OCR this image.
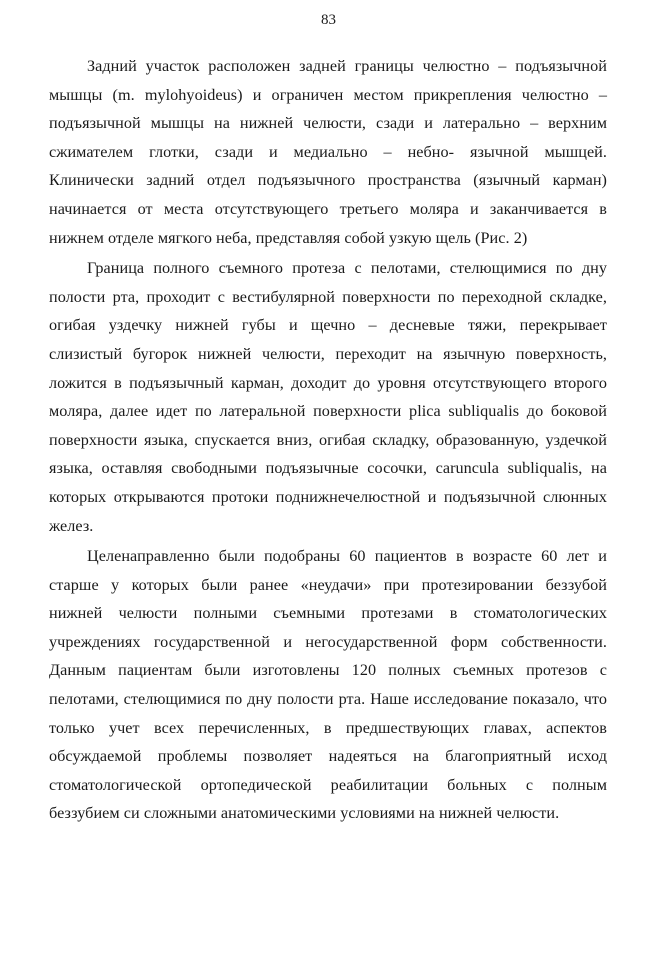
83

Задний участок расположен задней границы челюстно – подъязычной
мышцы (m. mylohyoideus) и ограничен местом прикрепления челюстно –
подъязычной мышцы на нижней челюсти, сзади и латерально – верхним
сжимателем глотки, сзади и медиально – небно- язычной мышцей.
Клинически задний отдел подъязычного пространства (язычный карман)
начинается от места отсутствующего третьего моляра и заканчивается в
нижнем отделе мягкого неба, представляя собой узкую щель (Рис. 2)

Граница полного съемного протеза с пелотами, стелющимися по дну
полости рта, проходит с вестибулярной поверхности по переходной складке,
огибая уздечку нижней губы и щечно – десневые тяжи, перекрывает
слизистый бугорок нижней челюсти, переходит на язычную поверхность,
ложится в подъязычный карман, доходит до уровня отсутствующего второго
моляра, далее идет по латеральной поверхности plica subliqualis до боковой
поверхности языка, спускается вниз, огибая складку, образованную, уздечкой
языка, оставляя свободными подъязычные сосочки, caruncula subliqualis, на
которых открываются протоки поднижнечелюстной и подъязычной слюнных
желез.

Целенаправленно были подобраны 60 пациентов в возрасте 60 лет и
старше у которых были ранее «неудачи» при протезировании беззубой
нижней челюсти полными съемными протезами в стоматологических
учреждениях государственной и негосударственной форм собственности.
Данным пациентам были изготовлены 120 полных съемных протезов с
пелотами, стелющимися по дну полости рта. Наше исследование показало, что
только учет всех перечисленных, в предшествующих главах, аспектов
обсуждаемой проблемы позволяет надеяться на благоприятный исход
стоматологической ортопедической реабилитации больных с полным
беззубием си сложными анатомическими условиями на нижней челюсти.
